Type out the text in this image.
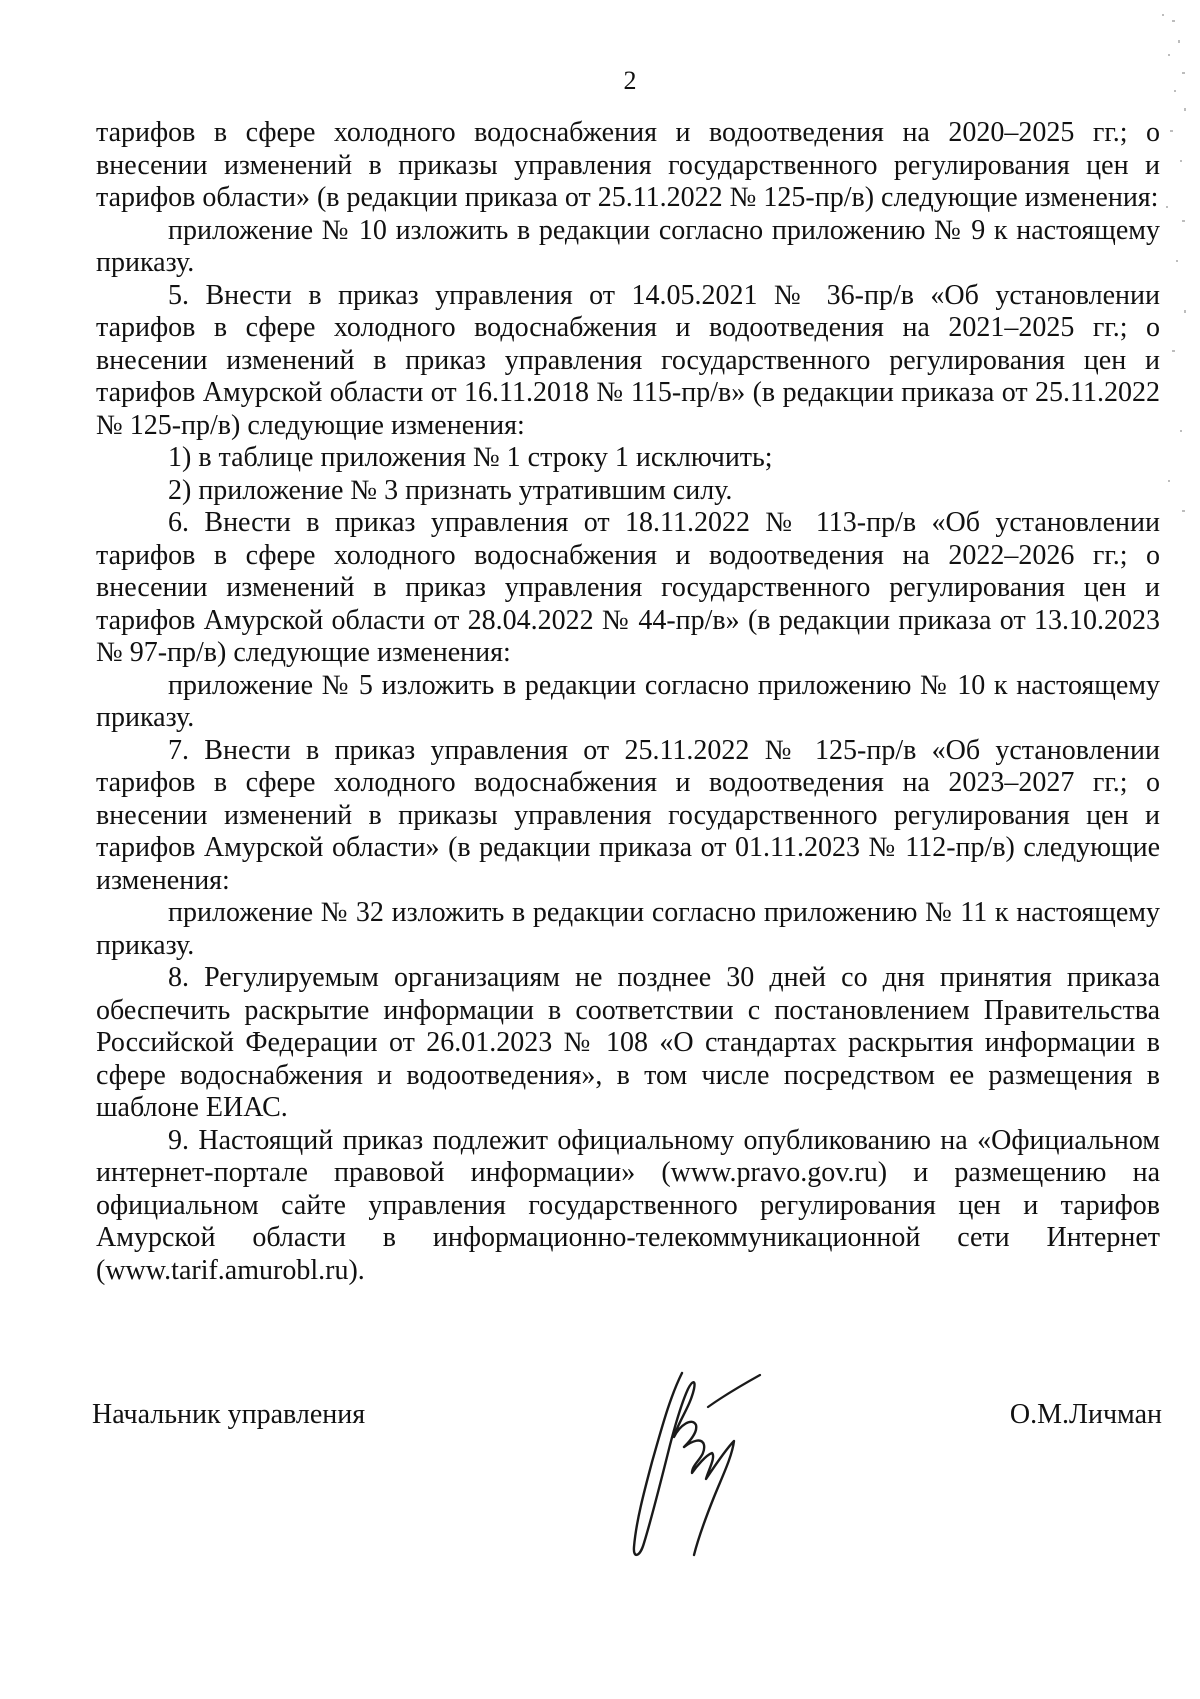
2

тарифов в сфере холодного водоснабжения и водоотведения на 2020–2025 гг.; о внесении изменений в приказы управления государственного регулирования цен и тарифов области» (в редакции приказа от 25.11.2022 № 125-пр/в) следующие изменения:

приложение № 10 изложить в редакции согласно приложению № 9 к настоящему приказу.

5. Внести в приказ управления от 14.05.2021 № 36-пр/в «Об установлении тарифов в сфере холодного водоснабжения и водоотведения на 2021–2025 гг.; о внесении изменений в приказ управления государственного регулирования цен и тарифов Амурской области от 16.11.2018 № 115-пр/в» (в редакции приказа от 25.11.2022 № 125-пр/в) следующие изменения:

1) в таблице приложения № 1 строку 1 исключить;

2) приложение № 3 признать утратившим силу.

6. Внести в приказ управления от 18.11.2022 № 113-пр/в «Об установлении тарифов в сфере холодного водоснабжения и водоотведения на 2022–2026 гг.; о внесении изменений в приказ управления государственного регулирования цен и тарифов Амурской области от 28.04.2022 № 44-пр/в» (в редакции приказа от 13.10.2023 № 97-пр/в) следующие изменения:

приложение № 5 изложить в редакции согласно приложению № 10 к настоящему приказу.

7. Внести в приказ управления от 25.11.2022 № 125-пр/в «Об установлении тарифов в сфере холодного водоснабжения и водоотведения на 2023–2027 гг.; о внесении изменений в приказы управления государственного регулирования цен и тарифов Амурской области» (в редакции приказа от 01.11.2023 № 112-пр/в) следующие изменения:

приложение № 32 изложить в редакции согласно приложению № 11 к настоящему приказу.

8. Регулируемым организациям не позднее 30 дней со дня принятия приказа обеспечить раскрытие информации в соответствии с постановлением Правительства Российской Федерации от 26.01.2023 № 108 «О стандартах раскрытия информации в сфере водоснабжения и водоотведения», в том числе посредством ее размещения в шаблоне ЕИАС.

9. Настоящий приказ подлежит официальному опубликованию на «Официальном интернет-портале правовой информации» (www.pravo.gov.ru) и размещению на официальном сайте управления государственного регулирования цен и тарифов Амурской области в информационно-телекоммуникационной сети Интернет (www.tarif.amurobl.ru).

Начальник управления	О.М.Личман
